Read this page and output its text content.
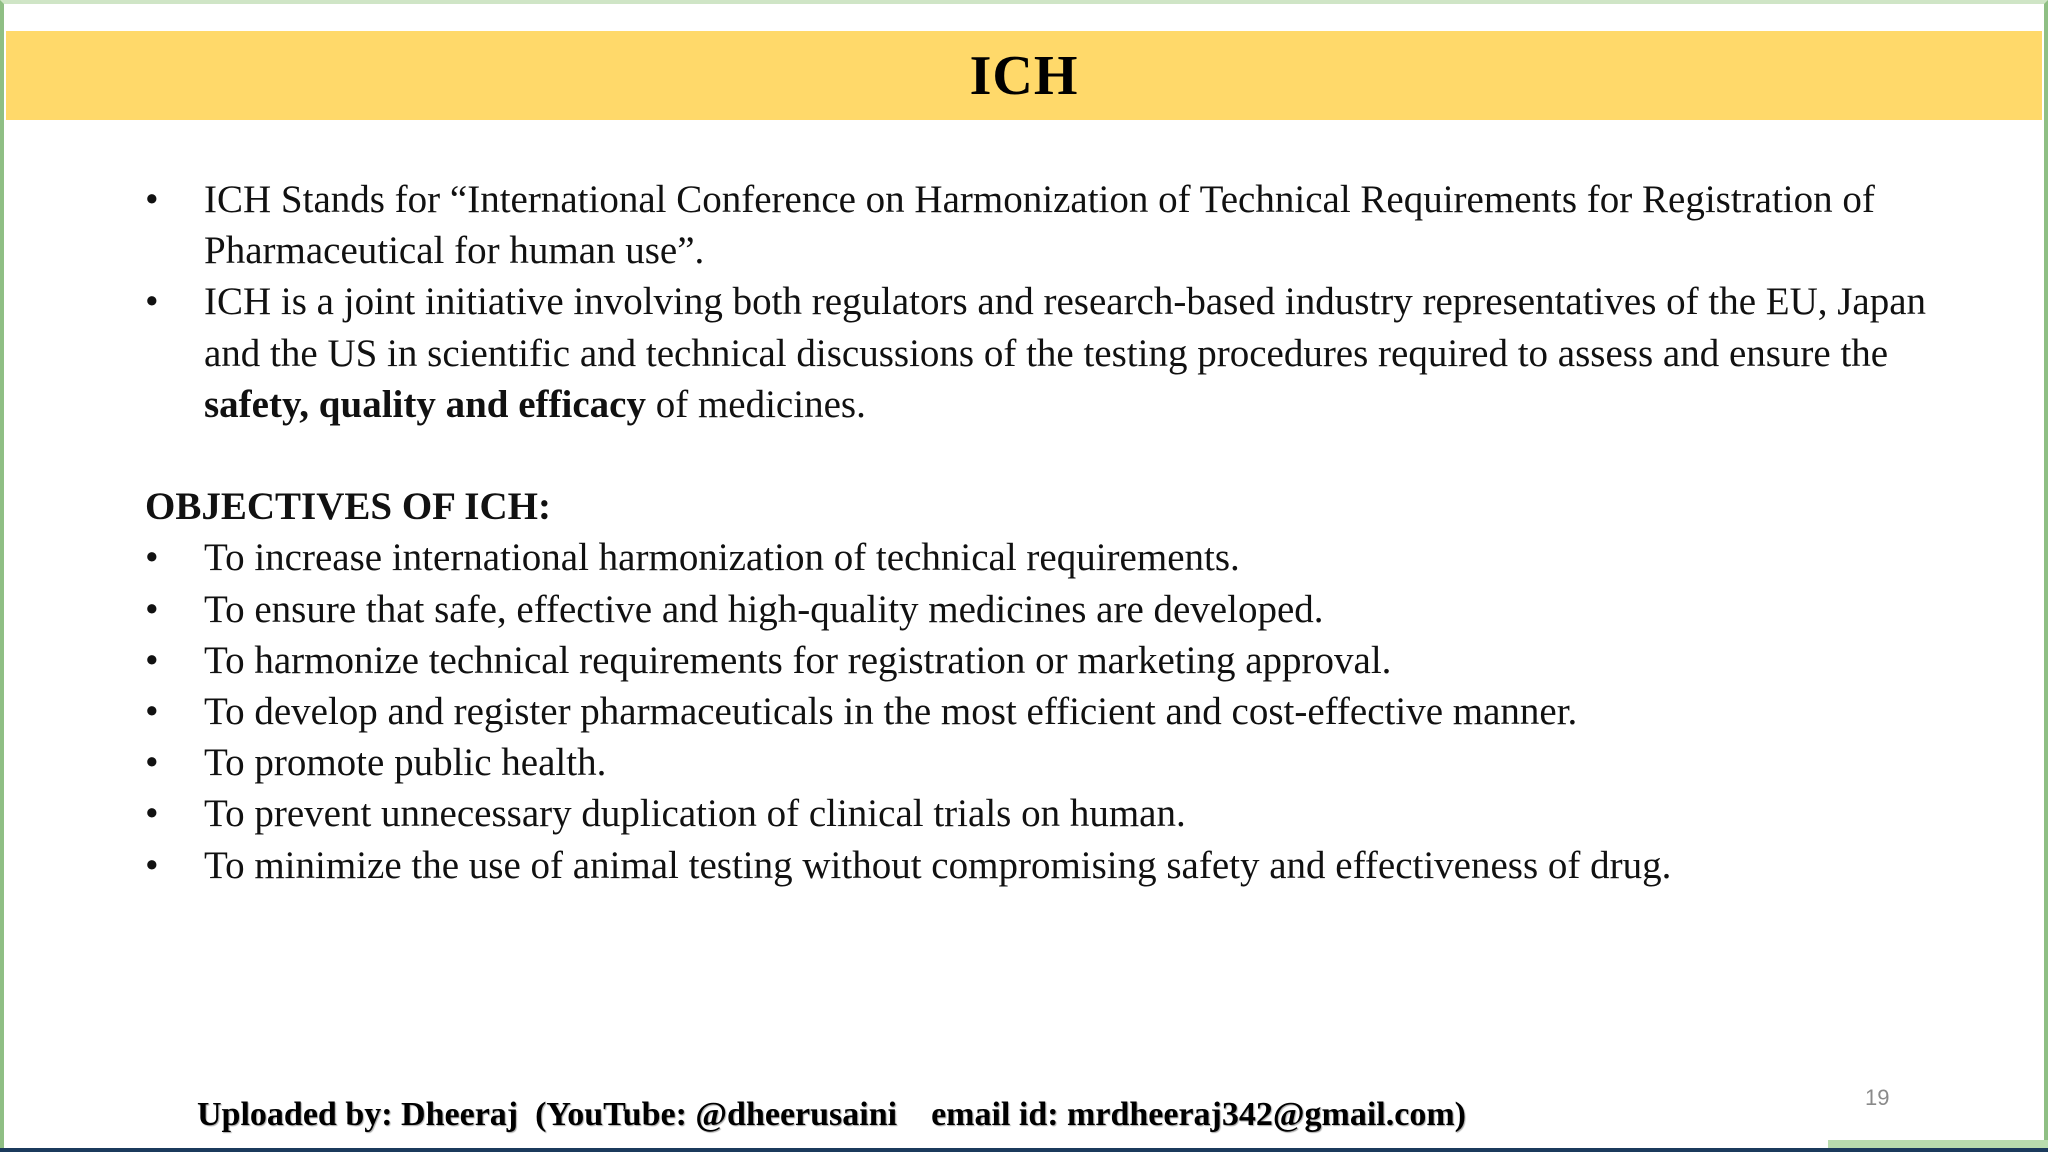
ICH
• ICH Stands for “International Conference on Harmonization of Technical Requirements for Registration of Pharmaceutical for human use”.
• ICH is a joint initiative involving both regulators and research-based industry representatives of the EU, Japan and the US in scientific and technical discussions of the testing procedures required to assess and ensure the safety, quality and efficacy of medicines.
OBJECTIVES OF ICH:
• To increase international harmonization of technical requirements.
• To ensure that safe, effective and high-quality medicines are developed.
• To harmonize technical requirements for registration or marketing approval.
• To develop and register pharmaceuticals in the most efficient and cost-effective manner.
• To promote public health.
• To prevent unnecessary duplication of clinical trials on human.
• To minimize the use of animal testing without compromising safety and effectiveness of drug.
19
Uploaded by: Dheeraj  (YouTube: @dheerusaini    email id: mrdheeraj342@gmail.com)
